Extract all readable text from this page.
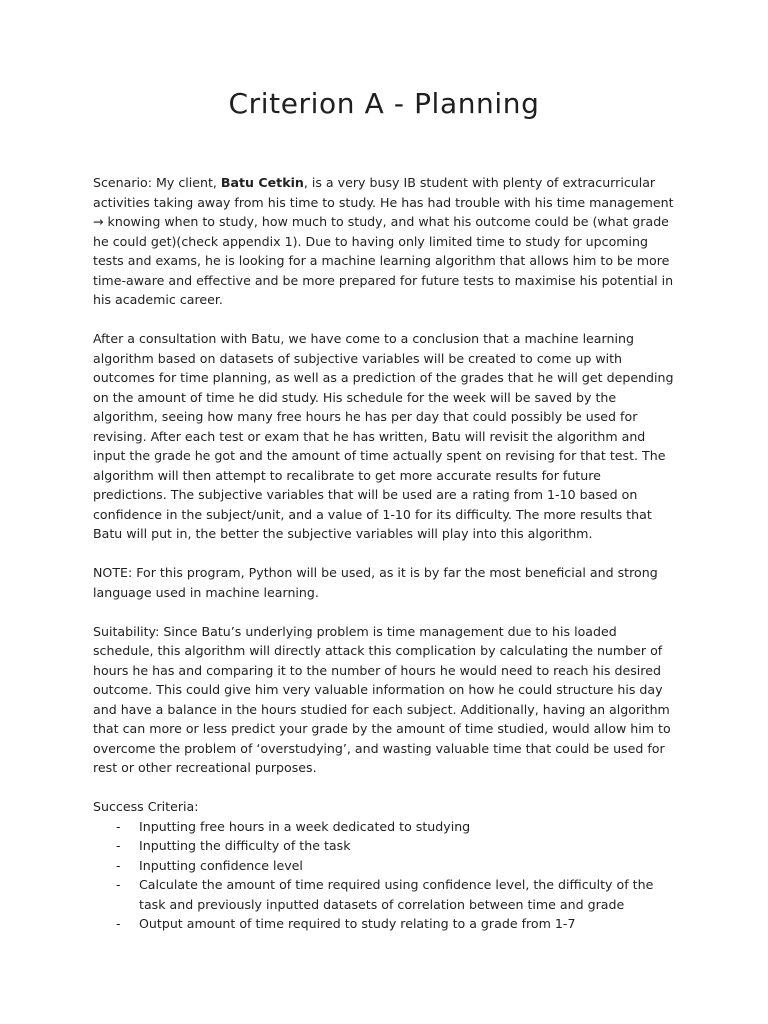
Criterion A - Planning

Scenario: My client, Batu Cetkin, is a very busy IB student with plenty of extracurricular activities taking away from his time to study. He has had trouble with his time management → knowing when to study, how much to study, and what his outcome could be (what grade he could get)(check appendix 1). Due to having only limited time to study for upcoming tests and exams, he is looking for a machine learning algorithm that allows him to be more time-aware and effective and be more prepared for future tests to maximise his potential in his academic career.

After a consultation with Batu, we have come to a conclusion that a machine learning algorithm based on datasets of subjective variables will be created to come up with outcomes for time planning, as well as a prediction of the grades that he will get depending on the amount of time he did study. His schedule for the week will be saved by the algorithm, seeing how many free hours he has per day that could possibly be used for revising. After each test or exam that he has written, Batu will revisit the algorithm and input the grade he got and the amount of time actually spent on revising for that test. The algorithm will then attempt to recalibrate to get more accurate results for future predictions. The subjective variables that will be used are a rating from 1-10 based on confidence in the subject/unit, and a value of 1-10 for its difficulty. The more results that Batu will put in, the better the subjective variables will play into this algorithm.

NOTE: For this program, Python will be used, as it is by far the most beneficial and strong language used in machine learning.

Suitability: Since Batu’s underlying problem is time management due to his loaded schedule, this algorithm will directly attack this complication by calculating the number of hours he has and comparing it to the number of hours he would need to reach his desired outcome. This could give him very valuable information on how he could structure his day and have a balance in the hours studied for each subject. Additionally, having an algorithm that can more or less predict your grade by the amount of time studied, would allow him to overcome the problem of ‘overstudying’, and wasting valuable time that could be used for rest or other recreational purposes.

Success Criteria:

- Inputting free hours in a week dedicated to studying
- Inputting the difficulty of the task
- Inputting confidence level
- Calculate the amount of time required using confidence level, the difficulty of the task and previously inputted datasets of correlation between time and grade
- Output amount of time required to study relating to a grade from 1-7
